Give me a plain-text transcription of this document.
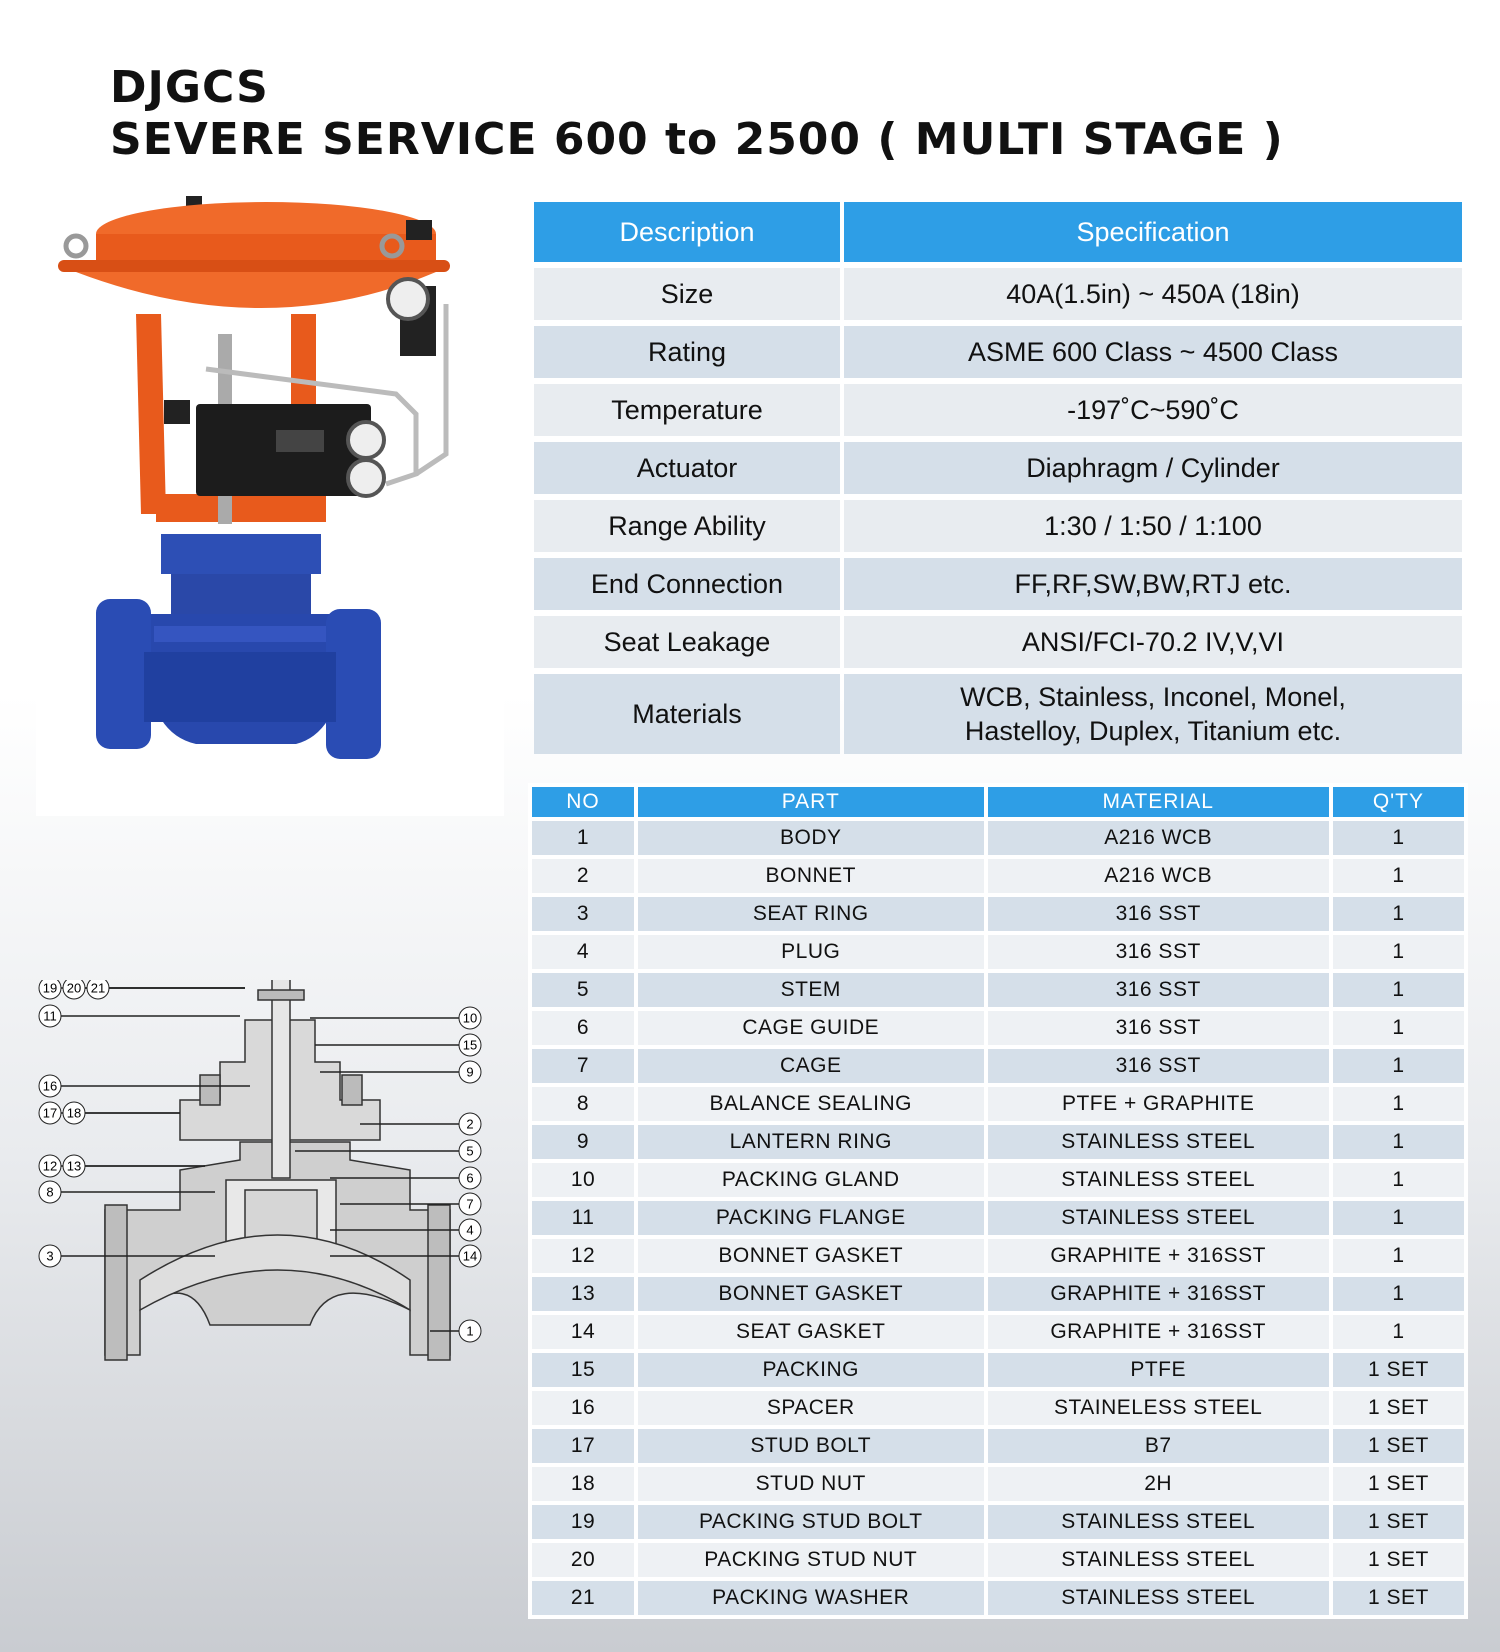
DJGCS
SEVERE SERVICE 600 to 2500 ( MULTI STAGE )
Description	Specification
Size	40A(1.5in) ~ 450A (18in)
Rating	ASME 600 Class ~ 4500 Class
Temperature	-197˚C~590˚C
Actuator	Diaphragm / Cylinder
Range Ability	1:30 / 1:50 / 1:100
End Connection	FF,RF,SW,BW,RTJ etc.
Seat Leakage	ANSI/FCI-70.2 IV,V,VI
Materials	WCB, Stainless, Inconel, Monel,
Hastelloy, Duplex, Titanium etc.
NO	PART	MATERIAL	Q'TY
1	BODY	A216 WCB	1
2	BONNET	A216 WCB	1
3	SEAT RING	316 SST	1
4	PLUG	316 SST	1
5	STEM	316 SST	1
6	CAGE GUIDE	316 SST	1
7	CAGE	316 SST	1
8	BALANCE SEALING	PTFE + GRAPHITE	1
9	LANTERN RING	STAINLESS STEEL	1
10	PACKING GLAND	STAINLESS STEEL	1
11	PACKING FLANGE	STAINLESS STEEL	1
12	BONNET GASKET	GRAPHITE + 316SST	1
13	BONNET GASKET	GRAPHITE + 316SST	1
14	SEAT GASKET	GRAPHITE + 316SST	1
15	PACKING	PTFE	1 SET
16	SPACER	STAINELESS STEEL	1 SET
17	STUD BOLT	B7	1 SET
18	STUD NUT	2H	1 SET
19	PACKING STUD BOLT	STAINLESS STEEL	1 SET
20	PACKING STUD NUT	STAINLESS STEEL	1 SET
21	PACKING WASHER	STAINLESS STEEL	1 SET
19 20 21
11
16
17 18
12 13
8
3
10
15
9
2
5
6
7
4
14
1
